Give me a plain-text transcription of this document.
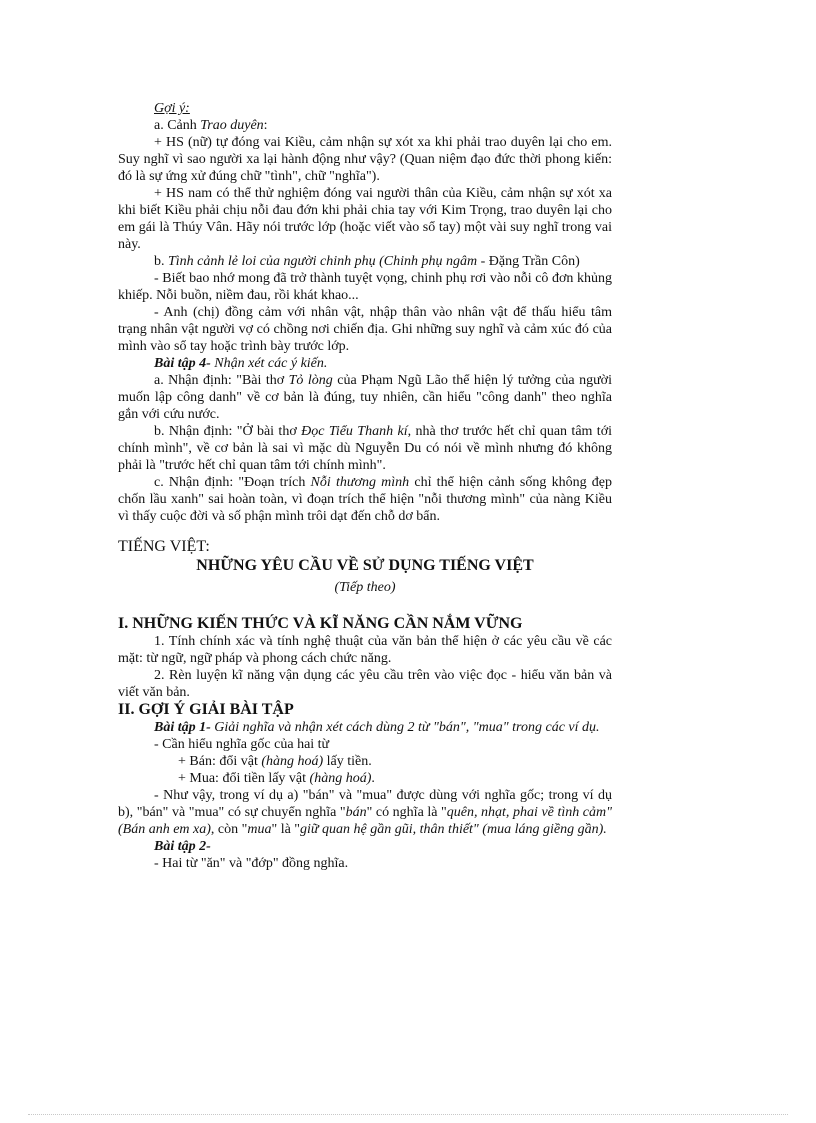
Gợi ý:

a. Cảnh Trao duyên:

+ HS (nữ) tự đóng vai Kiều, cảm nhận sự xót xa khi phải trao duyên lại cho em. Suy nghĩ vì sao người xa lại hành động như vậy? (Quan niệm đạo đức thời phong kiến: đó là sự ứng xử đúng chữ "tình", chữ "nghĩa").

+ HS nam có thể thử nghiệm đóng vai người thân của Kiều, cảm nhận sự xót xa khi biết Kiều phải chịu nỗi đau đớn khi phải chia tay với Kim Trọng, trao duyên lại cho em gái là Thúy Vân. Hãy nói trước lớp (hoặc viết vào sổ tay) một vài suy nghĩ trong vai này.

b. Tình cảnh lẻ loi của người chinh phụ (Chinh phụ ngâm - Đặng Trần Côn)

- Biết bao nhớ mong đã trở thành tuyệt vọng, chinh phụ rơi vào nỗi cô đơn khủng khiếp. Nỗi buồn, niềm đau, rồi khát khao...

- Anh (chị) đồng cảm với nhân vật, nhập thân vào nhân vật để thấu hiểu tâm trạng nhân vật người vợ có chồng nơi chiến địa. Ghi những suy nghĩ và cảm xúc đó của mình vào sổ tay hoặc trình bày trước lớp.

Bài tập 4- Nhận xét các ý kiến.

a. Nhận định: "Bài thơ Tỏ lòng của Phạm Ngũ Lão thể hiện lý tưởng của người muốn lập công danh" về cơ bản là đúng, tuy nhiên, cần hiểu "công danh" theo nghĩa gắn với cứu nước.

b. Nhận định: "Ở bài thơ Đọc Tiểu Thanh kí, nhà thơ trước hết chỉ quan tâm tới chính mình", về cơ bản là sai vì mặc dù Nguyễn Du có nói về mình nhưng đó không phải là "trước hết chỉ quan tâm tới chính mình".

c. Nhận định: "Đoạn trích Nỗi thương mình chỉ thể hiện cảnh sống không đẹp chốn lầu xanh" sai hoàn toàn, vì đoạn trích thể hiện "nỗi thương mình" của nàng Kiều vì thấy cuộc đời và số phận mình trôi dạt đến chỗ dơ bẩn.

TIẾNG VIỆT:

NHỮNG YÊU CẦU VỀ SỬ DỤNG TIẾNG VIỆT

(Tiếp theo)

I. NHỮNG KIẾN THỨC VÀ KĨ NĂNG CẦN NẮM VỮNG

1. Tính chính xác và tính nghệ thuật của văn bản thể hiện ở các yêu cầu về các mặt: từ ngữ, ngữ pháp và phong cách chức năng.

2. Rèn luyện kĩ năng vận dụng các yêu cầu trên vào việc đọc - hiểu văn bản và viết văn bản.

II. GỢI Ý GIẢI BÀI TẬP

Bài tập 1- Giải nghĩa và nhận xét cách dùng 2 từ "bán", "mua" trong các ví dụ.

- Cần hiểu nghĩa gốc của hai từ

+ Bán: đổi vật (hàng hoá) lấy tiền.

+ Mua: đổi tiền lấy vật (hàng hoá).

- Như vậy, trong ví dụ a) "bán" và "mua" được dùng với nghĩa gốc; trong ví dụ b), "bán" và "mua" có sự chuyển nghĩa "bán" có nghĩa là "quên, nhạt, phai về tình cảm" (Bán anh em xa), còn "mua" là "giữ quan hệ gần gũi, thân thiết" (mua láng giềng gần).

Bài tập 2-

- Hai từ "ăn" và "đớp" đồng nghĩa.
